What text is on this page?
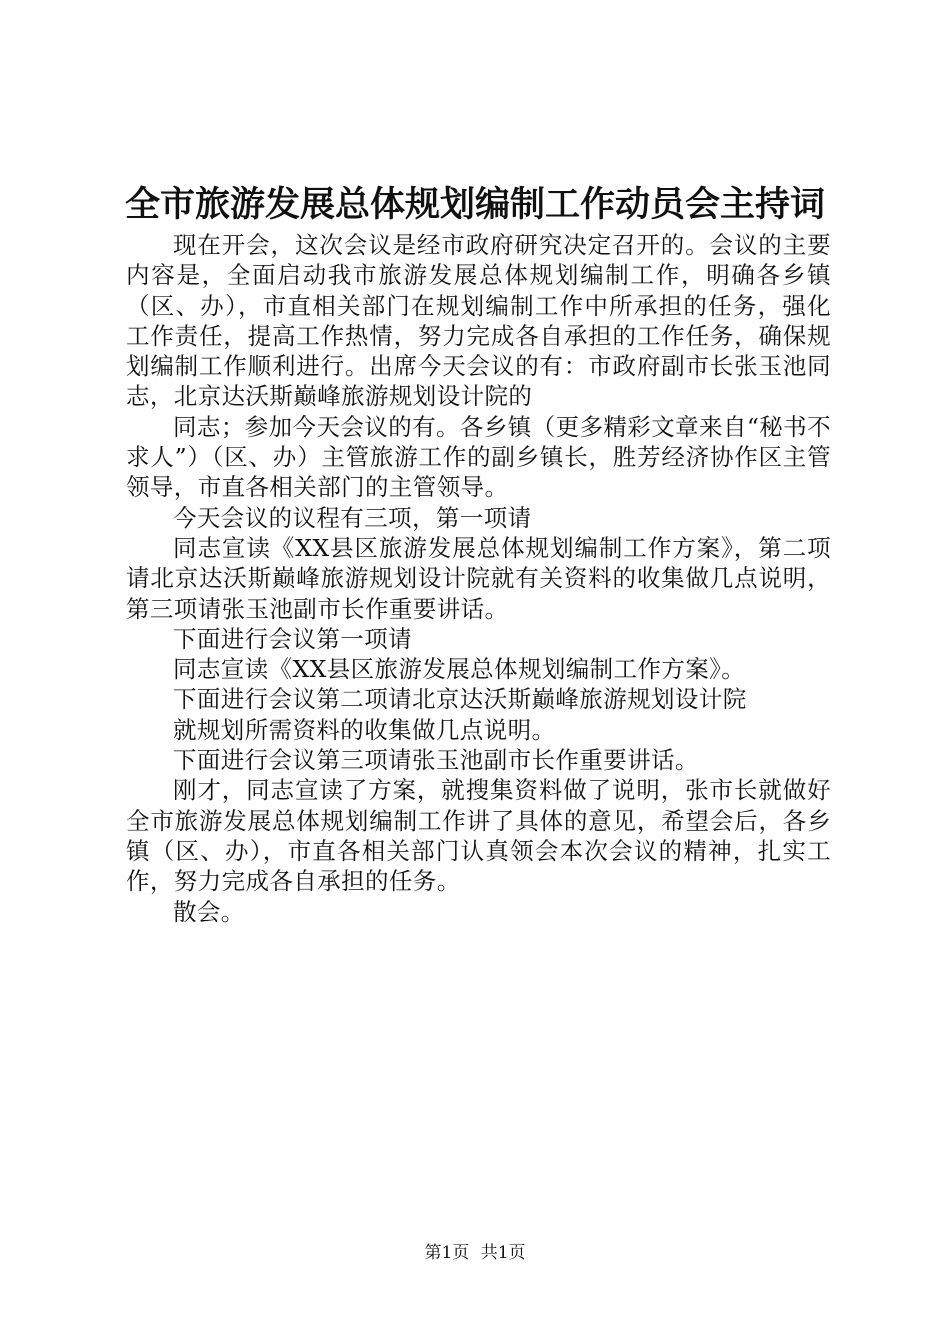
全市旅游发展总体规划编制工作动员会主持词

现在开会，这次会议是经市政府研究决定召开的。会议的主要内容是，全面启动我市旅游发展总体规划编制工作，明确各乡镇（区、办），市直相关部门在规划编制工作中所承担的任务，强化工作责任，提高工作热情，努力完成各自承担的工作任务，确保规划编制工作顺利进行。出席今天会议的有：市政府副市长张玉池同志，北京达沃斯巅峰旅游规划设计院的

同志；参加今天会议的有。各乡镇（更多精彩文章来自“秘书不求人”）（区、办）主管旅游工作的副乡镇长，胜芳经济协作区主管领导，市直各相关部门的主管领导。

今天会议的议程有三项，第一项请

同志宣读《XX县区旅游发展总体规划编制工作方案》，第二项请北京达沃斯巅峰旅游规划设计院就有关资料的收集做几点说明，第三项请张玉池副市长作重要讲话。

下面进行会议第一项请

同志宣读《XX县区旅游发展总体规划编制工作方案》。

下面进行会议第二项请北京达沃斯巅峰旅游规划设计院

就规划所需资料的收集做几点说明。

下面进行会议第三项请张玉池副市长作重要讲话。

刚才，同志宣读了方案，就搜集资料做了说明，张市长就做好全市旅游发展总体规划编制工作讲了具体的意见，希望会后，各乡镇（区、办），市直各相关部门认真领会本次会议的精神，扎实工作，努力完成各自承担的任务。

散会。

第1页 共1页
